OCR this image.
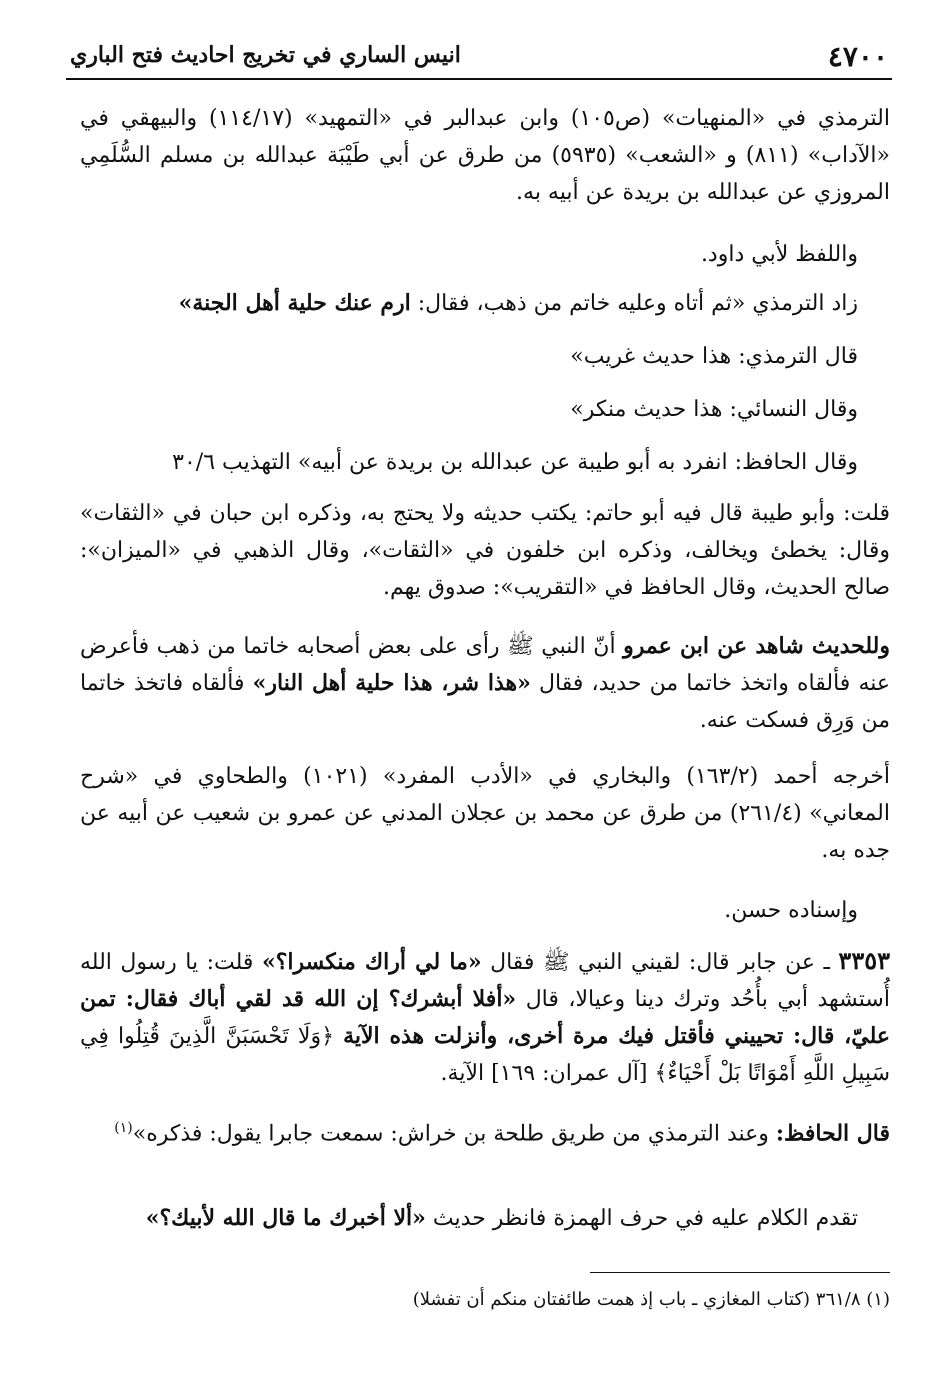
٤٧٠٠
انيس الساري في تخريج احاديث فتح الباري
الترمذي في «المنهيات» (ص١٠٥) وابن عبدالبر في «التمهيد» (١١٤/١٧) والبيهقي في «الآداب» (٨١١) و «الشعب» (٥٩٣٥) من طرق عن أبي طَيْبَة عبدالله بن مسلم السُّلَمِي المروزي عن عبدالله بن بريدة عن أبيه به.
واللفظ لأبي داود.
زاد الترمذي «ثم أتاه وعليه خاتم من ذهب، فقال: ارم عنك حلية أهل الجنة»
قال الترمذي: هذا حديث غريب»
وقال النسائي: هذا حديث منكر»
وقال الحافظ: انفرد به أبو طيبة عن عبدالله بن بريدة عن أبيه» التهذيب ٣٠/٦
قلت: وأبو طيبة قال فيه أبو حاتم: يكتب حديثه ولا يحتج به، وذكره ابن حبان في «الثقات» وقال: يخطئ ويخالف، وذكره ابن خلفون في «الثقات»، وقال الذهبي في «الميزان»: صالح الحديث، وقال الحافظ في «التقريب»: صدوق يهم.
وللحديث شاهد عن ابن عمرو أنّ النبي ﷺ رأى على بعض أصحابه خاتما من ذهب فأعرض عنه فألقاه واتخذ خاتما من حديد، فقال «هذا شر، هذا حلية أهل النار» فألقاه فاتخذ خاتما من وَرِق فسكت عنه.
أخرجه أحمد (١٦٣/٢) والبخاري في «الأدب المفرد» (١٠٢١) والطحاوي في «شرح المعاني» (٢٦١/٤) من طرق عن محمد بن عجلان المدني عن عمرو بن شعيب عن أبيه عن جده به.
وإسناده حسن.
٣٣٥٣ ـ عن جابر قال: لقيني النبي ﷺ فقال «ما لي أراك منكسرا؟» قلت: يا رسول الله أُستشهد أبي بأُحُد وترك دينا وعيالا، قال «أفلا أبشرك؟ إن الله قد لقي أباك فقال: تمن عليّ، قال: تحييني فأقتل فيك مرة أخرى، وأنزلت هذه الآية ﴿وَلَا تَحْسَبَنَّ الَّذِينَ قُتِلُوا فِي سَبِيلِ اللَّهِ أَمْوَاتًا بَلْ أَحْيَاءٌ﴾ [آل عمران: ١٦٩] الآية.
قال الحافظ: وعند الترمذي من طريق طلحة بن خراش: سمعت جابرا يقول: فذكره»$^{(١)}$
تقدم الكلام عليه في حرف الهمزة فانظر حديث «ألا أخبرك ما قال الله لأبيك؟»
(١) ٣٦١/٨ (كتاب المغازي ـ باب إذ همت طائفتان منكم أن تفشلا)
